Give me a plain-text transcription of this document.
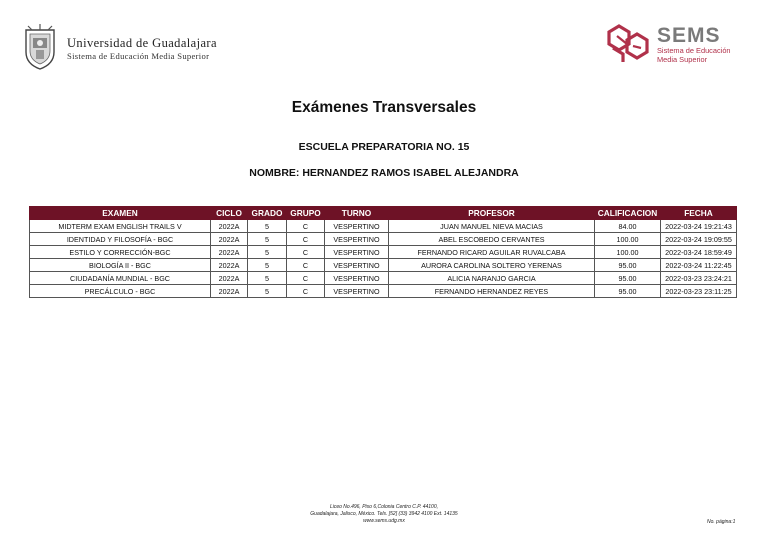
Universidad de Guadalajara
Sistema de Educación Media Superior
SEMS
Sistema de Educación
Media Superior
Exámenes Transversales
ESCUELA PREPARATORIA NO. 15
NOMBRE: HERNANDEZ RAMOS ISABEL ALEJANDRA
EXAMEN	CICLO	GRADO	GRUPO	TURNO	PROFESOR	CALIFICACION	FECHA
MIDTERM EXAM ENGLISH TRAILS V	2022A	5	C	VESPERTINO	JUAN MANUEL NIEVA MACIAS	84.00	2022-03-24 19:21:43
IDENTIDAD Y FILOSOFÍA - BGC	2022A	5	C	VESPERTINO	ABEL ESCOBEDO CERVANTES	100.00	2022-03-24 19:09:55
ESTILO Y CORRECCIÓN-BGC	2022A	5	C	VESPERTINO	FERNANDO RICARD AGUILAR RUVALCABA	100.00	2022-03-24 18:59:49
BIOLOGÍA II - BGC	2022A	5	C	VESPERTINO	AURORA CAROLINA SOLTERO YERENAS	95.00	2022-03-24 11:22:45
CIUDADANÍA MUNDIAL - BGC	2022A	5	C	VESPERTINO	ALICIA NARANJO GARCIA	95.00	2022-03-23 23:24:21
PRECÁLCULO - BGC	2022A	5	C	VESPERTINO	FERNANDO HERNANDEZ REYES	95.00	2022-03-23 23:11:25
Liceo No.496, Piso 6,Colonia Centro C.P. 44100,
Guadalajara, Jalisco, México. Tels. [52] (33) 3942 4100 Ext. 14135
www.sems.udg.mx	No. página:1
